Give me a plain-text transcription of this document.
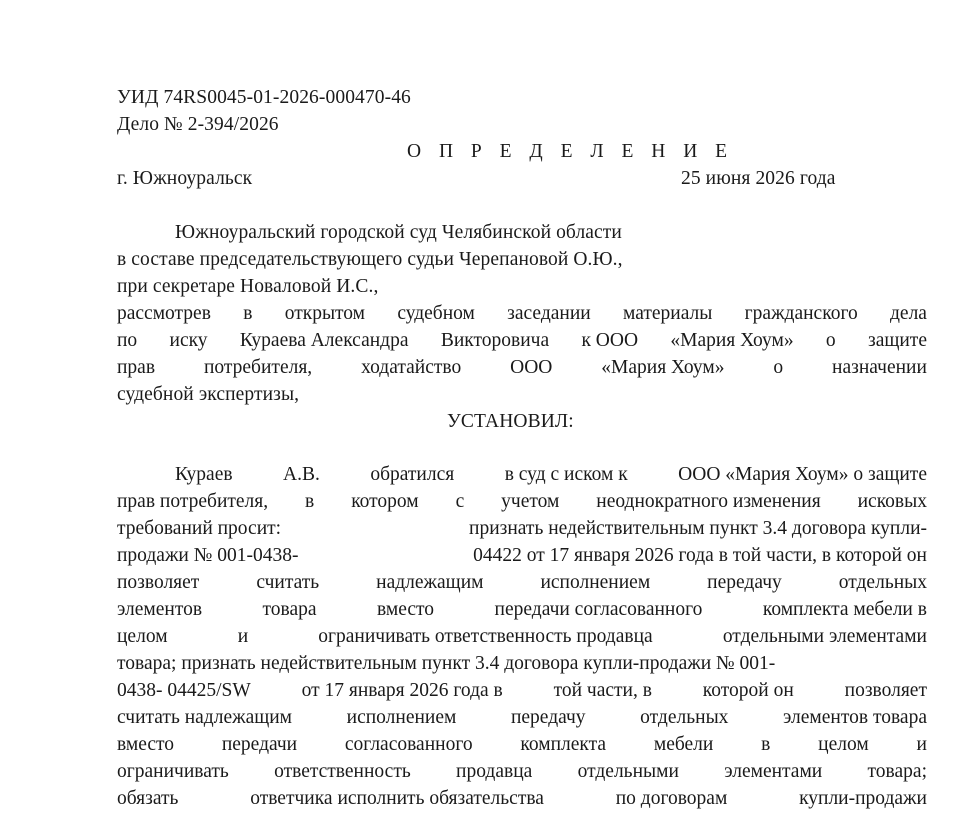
УИД 74RS0045-01-2026-000470-46
Дело № 2-394/2026
О П Р Е Д Е Л Е Н И Е
г. Южноуральск	25 июня 2026 года
Южноуральский городской суд Челябинской области
в составе председательствующего судьи Черепановой О.Ю.,
при секретаре Новаловой И.С.,
рассмотрев в открытом судебном заседании материалы гражданского дела
по иску Кураева Александра Викторовича к ООО «Мария Хоум» о защите
прав	потребителя,	ходатайство	ООО	«Мария Хоум»	о	назначении
судебной экспертизы,
УСТАНОВИЛ:
Кураев	А.В.	обратился	в суд с иском к	ООО «Мария Хоум» о защите
прав потребителя, в котором с учетом неоднократного изменения исковых
требований просит:	признать недействительным пункт 3.4 договора купли-
продажи № 001-0438-	04422 от 17 января 2026 года в той части, в которой он
позволяет	считать	надлежащим	исполнением	передачу	отдельных
элементов	товара	вместо	передачи согласованного	комплекта мебели в
целом	и	ограничивать ответственность продавца	отдельными элементами
товара; признать недействительным пункт 3.4 договора купли-продажи № 001-
0438- 04425/SW	от 17 января 2026 года в	той части, в	которой он	позволяет
считать надлежащим	исполнением	передачу	отдельных	элементов товара
вместо передачи согласованного комплекта мебели в целом и
ограничивать ответственность продавца отдельными элементами товара;
обязать	ответчика исполнить обязательства	по договорам	купли-продажи
